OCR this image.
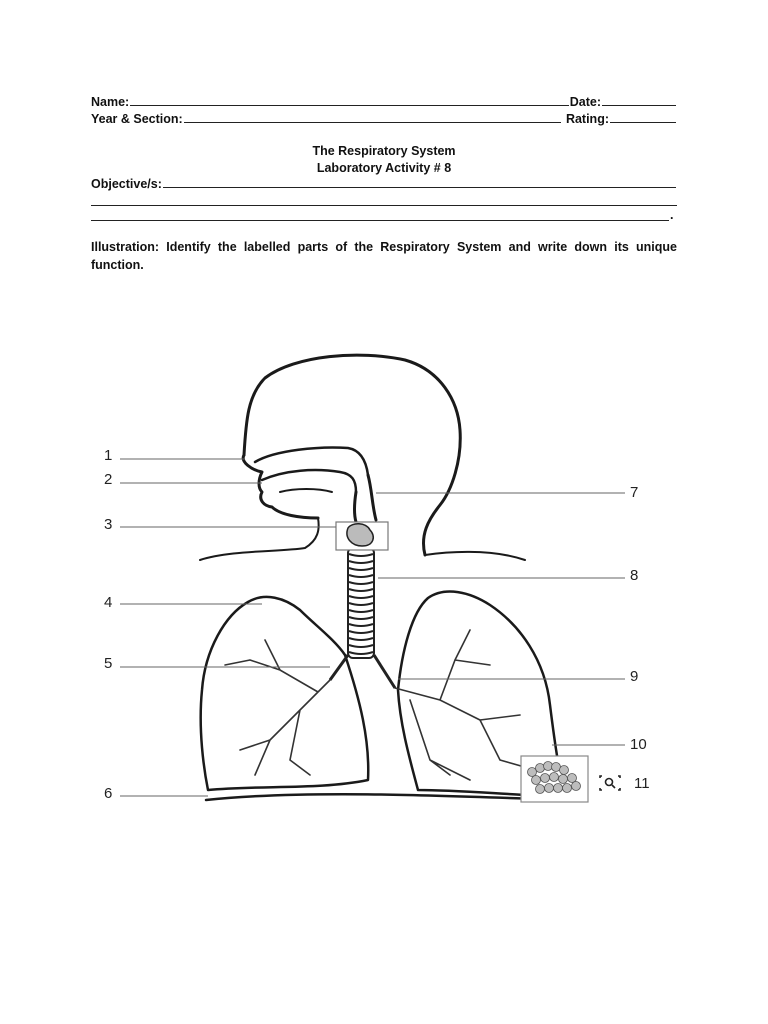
Name:	Date:
Year & Section:	Rating:
The Respiratory System
Laboratory Activity # 8
Objective/s:
.
Illustration: Identify the labelled parts of the Respiratory System and write down its unique function.
1
2
3
4
5
6
7
8
9
10
11
